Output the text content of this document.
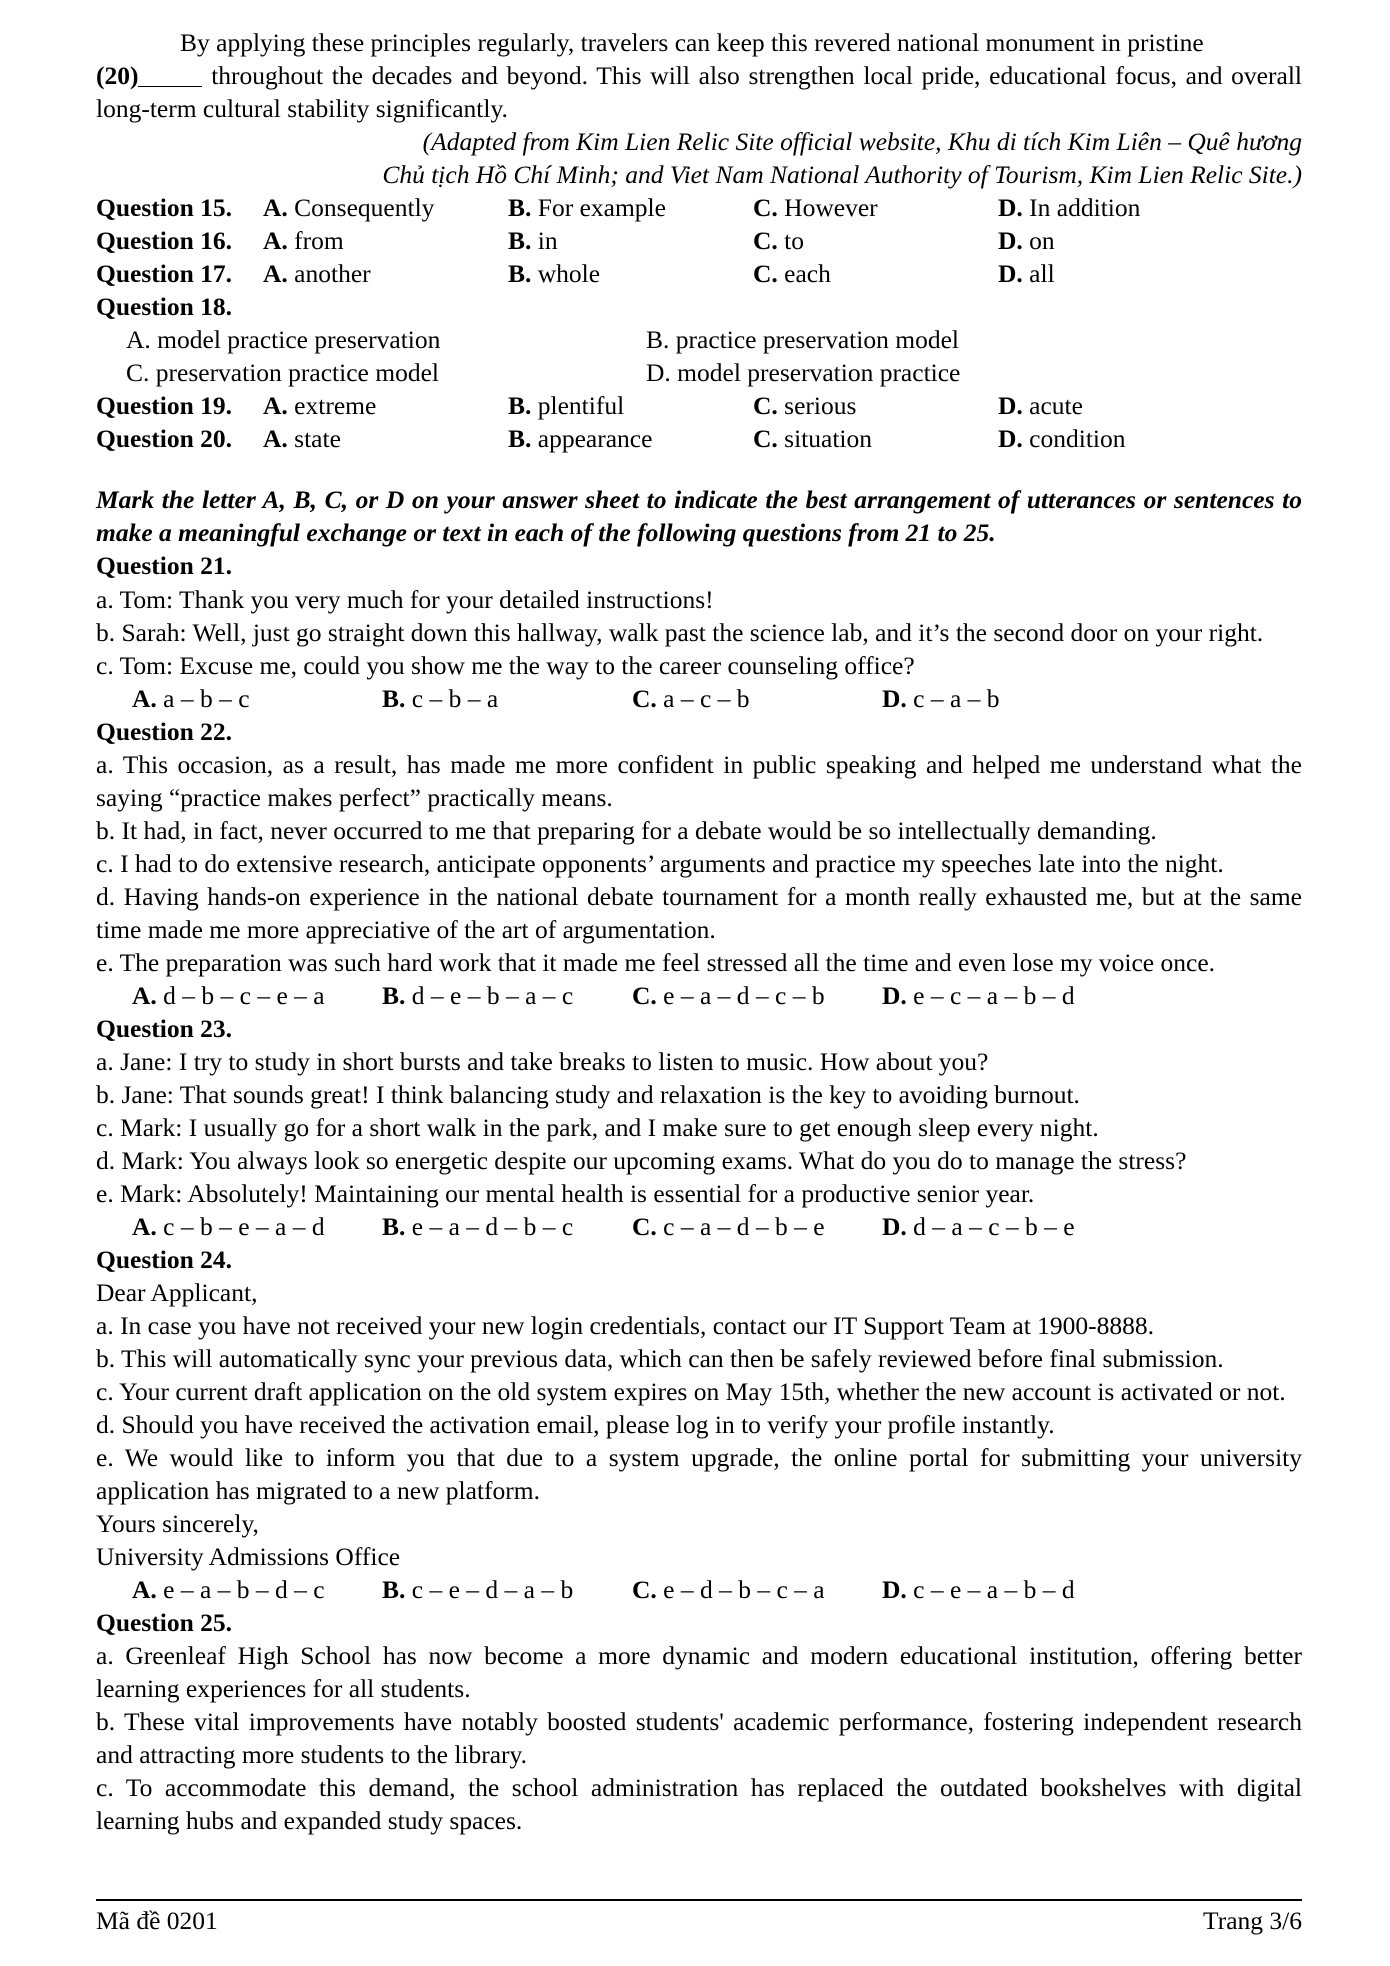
By applying these principles regularly, travelers can keep this revered national monument in pristine
(20)	throughout the decades and beyond. This will also strengthen local pride, educational focus, and overall long-term cultural stability significantly.

(Adapted from Kim Lien Relic Site official website, Khu di tích Kim Liên – Quê hương
Chủ tịch Hồ Chí Minh; and Viet Nam National Authority of Tourism, Kim Lien Relic Site.)

Question 15.	A. Consequently	B. For example	C. However	D. In addition
Question 16.	A. from	B. in	C. to	D. on
Question 17.	A. another	B. whole	C. each	D. all
Question 18.
A. model practice preservation	B. practice preservation model
C. preservation practice model	D. model preservation practice
Question 19.	A. extreme	B. plentiful	C. serious	D. acute
Question 20.	A. state	B. appearance	C. situation	D. condition

Mark the letter A, B, C, or D on your answer sheet to indicate the best arrangement of utterances or sentences to make a meaningful exchange or text in each of the following questions from 21 to 25.

Question 21.

a. Tom: Thank you very much for your detailed instructions!

b. Sarah: Well, just go straight down this hallway, walk past the science lab, and it’s the second door on your right.

c. Tom: Excuse me, could you show me the way to the career counseling office?

A. a – b – c	B. c – b – a	C. a – c – b	D. c – a – b
Question 22.

a. This occasion, as a result, has made me more confident in public speaking and helped me understand what the saying “practice makes perfect” practically means.

b. It had, in fact, never occurred to me that preparing for a debate would be so intellectually demanding.

c. I had to do extensive research, anticipate opponents’ arguments and practice my speeches late into the night.

d. Having hands-on experience in the national debate tournament for a month really exhausted me, but at the same time made me more appreciative of the art of argumentation.

e. The preparation was such hard work that it made me feel stressed all the time and even lose my voice once.

A. d – b – c – e – a	B. d – e – b – a – c	C. e – a – d – c – b	D. e – c – a – b – d
Question 23.

a. Jane: I try to study in short bursts and take breaks to listen to music. How about you?

b. Jane: That sounds great! I think balancing study and relaxation is the key to avoiding burnout.

c. Mark: I usually go for a short walk in the park, and I make sure to get enough sleep every night.

d. Mark: You always look so energetic despite our upcoming exams. What do you do to manage the stress?

e. Mark: Absolutely! Maintaining our mental health is essential for a productive senior year.

A. c – b – e – a – d	B. e – a – d – b – c	C. c – a – d – b – e	D. d – a – c – b – e
Question 24.

Dear Applicant,

a. In case you have not received your new login credentials, contact our IT Support Team at 1900-8888.

b. This will automatically sync your previous data, which can then be safely reviewed before final submission.

c. Your current draft application on the old system expires on May 15th, whether the new account is activated or not.

d. Should you have received the activation email, please log in to verify your profile instantly.

e. We would like to inform you that due to a system upgrade, the online portal for submitting your university application has migrated to a new platform.

Yours sincerely,

University Admissions Office

A. e – a – b – d – c	B. c – e – d – a – b	C. e – d – b – c – a	D. c – e – a – b – d
Question 25.

a. Greenleaf High School has now become a more dynamic and modern educational institution, offering better learning experiences for all students.

b. These vital improvements have notably boosted students' academic performance, fostering independent research and attracting more students to the library.

c. To accommodate this demand, the school administration has replaced the outdated bookshelves with digital learning hubs and expanded study spaces.

Mã đề 0201	Trang 3/6
